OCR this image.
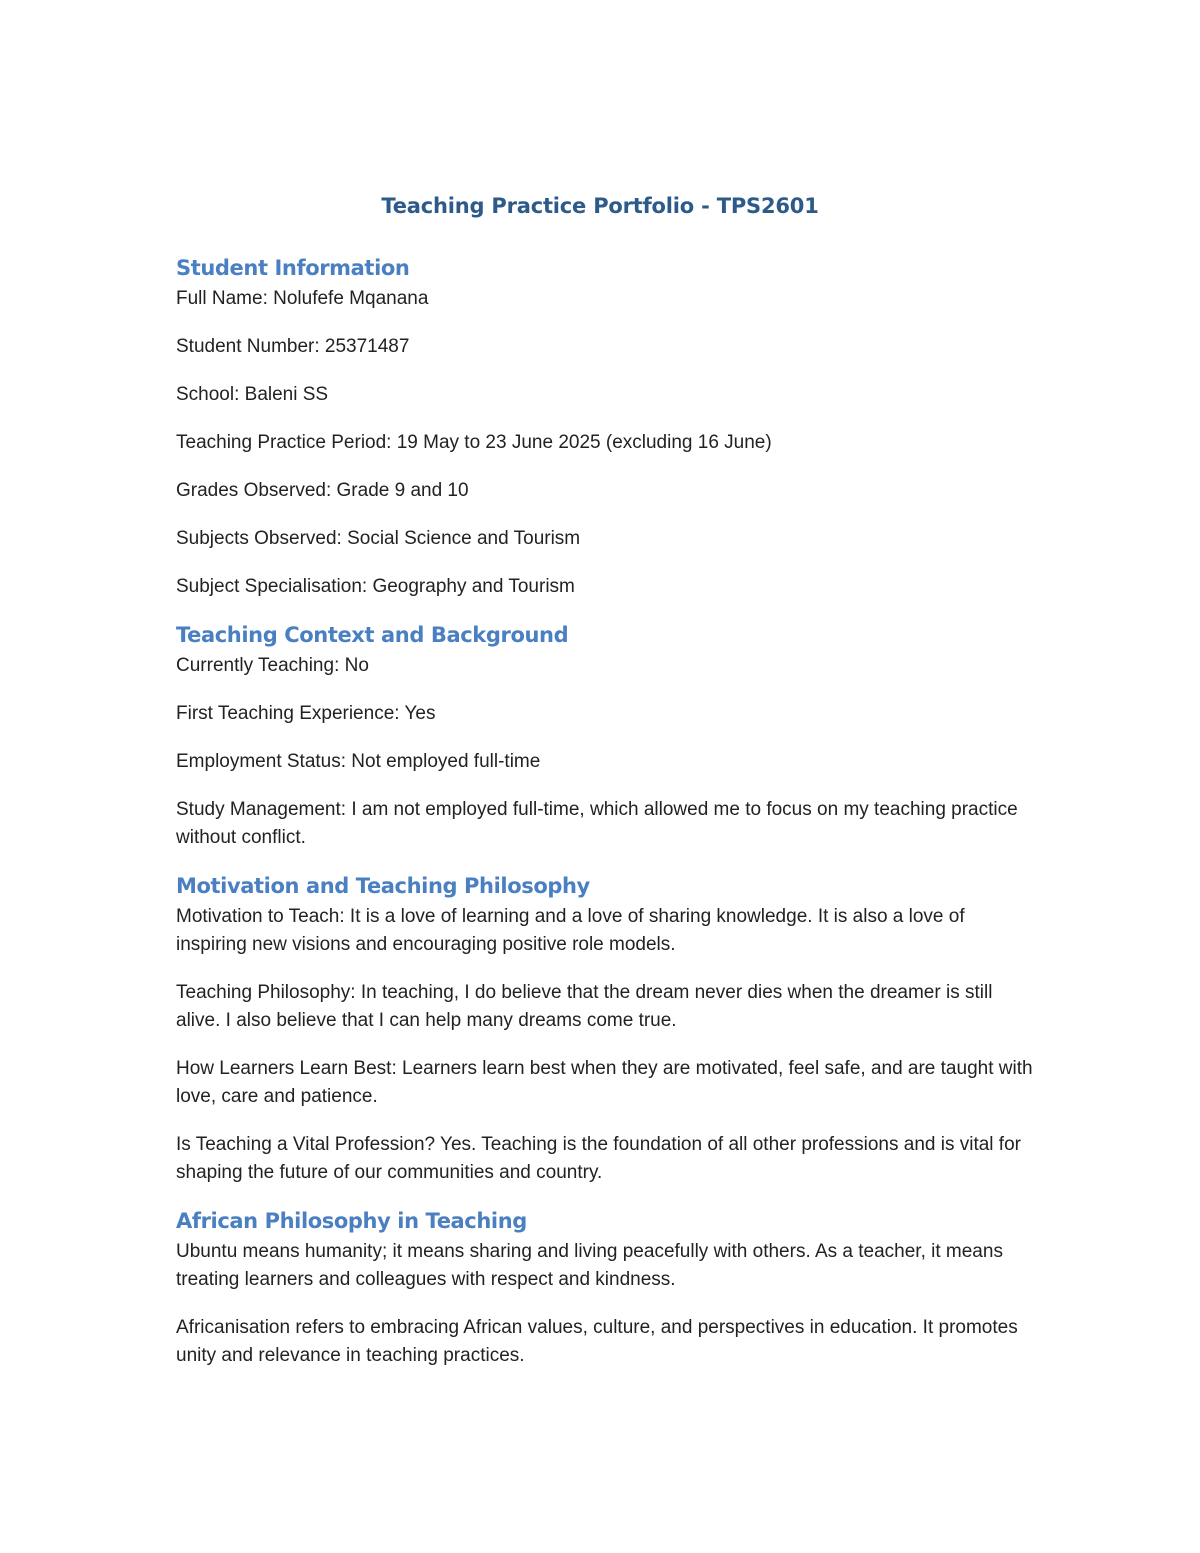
Teaching Practice Portfolio - TPS2601
Student Information

Full Name: Nolufefe Mqanana

Student Number: 25371487

School: Baleni SS

Teaching Practice Period: 19 May to 23 June 2025 (excluding 16 June)

Grades Observed: Grade 9 and 10

Subjects Observed: Social Science and Tourism

Subject Specialisation: Geography and Tourism

Teaching Context and Background

Currently Teaching: No

First Teaching Experience: Yes

Employment Status: Not employed full-time

Study Management: I am not employed full-time, which allowed me to focus on my teaching practice without conflict.

Motivation and Teaching Philosophy

Motivation to Teach: It is a love of learning and a love of sharing knowledge. It is also a love of inspiring new visions and encouraging positive role models.

Teaching Philosophy: In teaching, I do believe that the dream never dies when the dreamer is still alive. I also believe that I can help many dreams come true.

How Learners Learn Best: Learners learn best when they are motivated, feel safe, and are taught with love, care and patience.

Is Teaching a Vital Profession? Yes. Teaching is the foundation of all other professions and is vital for shaping the future of our communities and country.

African Philosophy in Teaching

Ubuntu means humanity; it means sharing and living peacefully with others. As a teacher, it means treating learners and colleagues with respect and kindness.

Africanisation refers to embracing African values, culture, and perspectives in education. It promotes unity and relevance in teaching practices.
